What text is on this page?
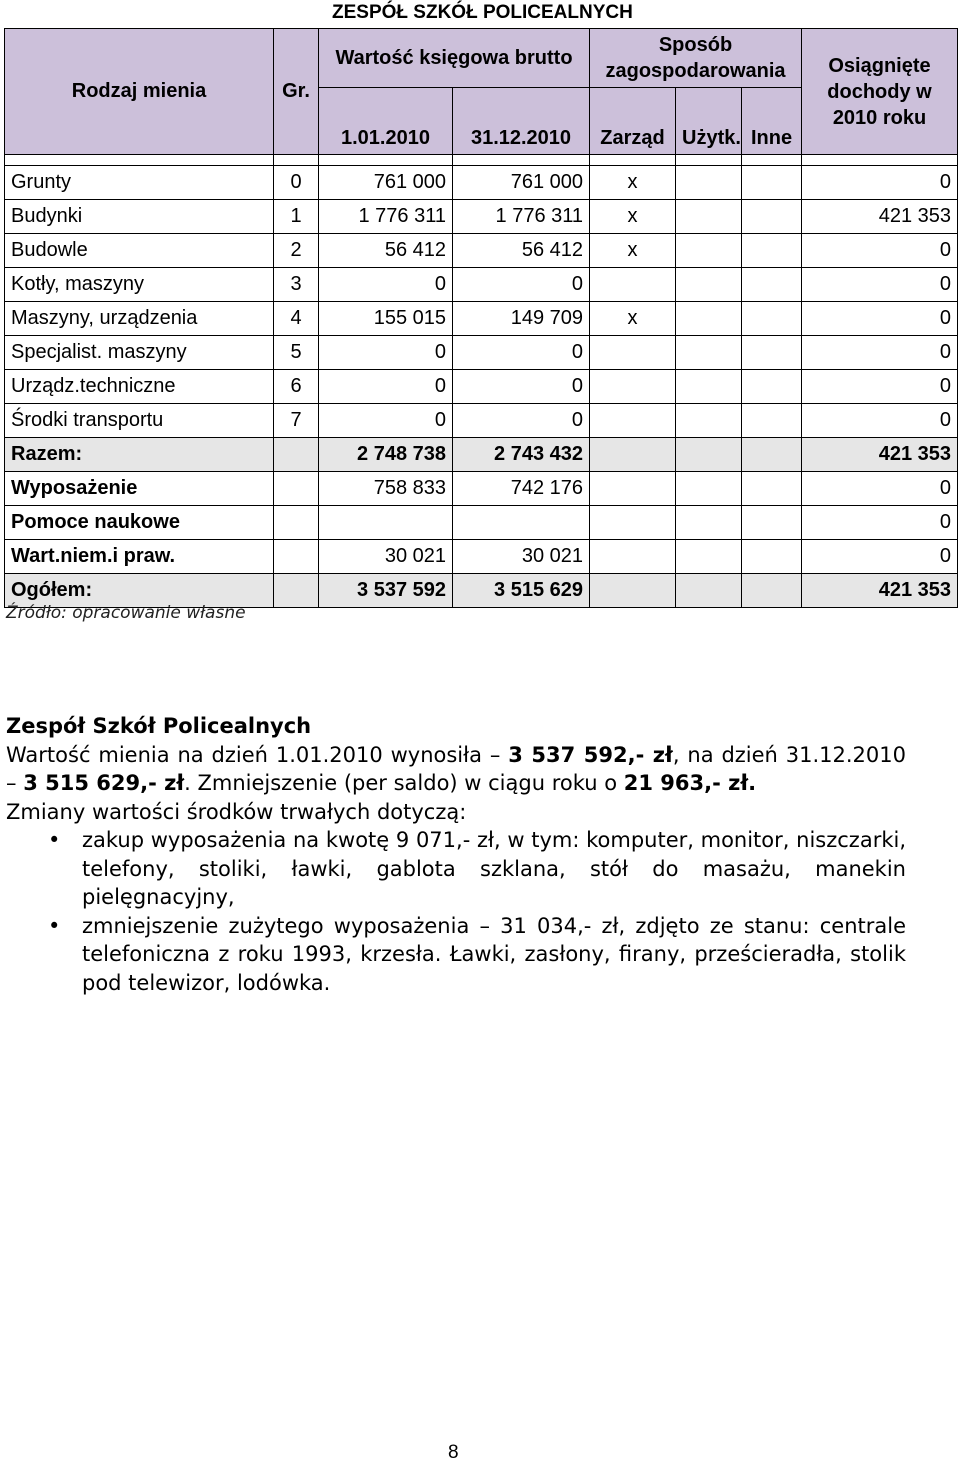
ZESPÓŁ SZKÓŁ POLICEALNYCH
Rodzaj mienia	Gr.	Wartość księgowa brutto		Sposób zagospodarowania			Osiągnięte dochody w 2010 roku
		1.01.2010	31.12.2010	Zarząd	Użytk.	Inne	

Grunty	0	761 000	761 000	x			0
Budynki	1	1 776 311	1 776 311	x			421 353
Budowle	2	56 412	56 412	x			0
Kotły, maszyny	3	0	0				0
Maszyny, urządzenia	4	155 015	149 709	x			0
Specjalist. maszyny	5	0	0				0
Urządz.techniczne	6	0	0				0
Środki transportu	7	0	0				0
Razem:		2 748 738	2 743 432				421 353
Wyposażenie		758 833	742 176				0
Pomoce naukowe							0
Wart.niem.i praw.		30 021	30 021				0
Ogółem:		3 537 592	3 515 629				421 353
Źródło: opracowanie własne
Zespół Szkół Policealnych

Wartość mienia na dzień 1.01.2010 wynosiła – 3 537 592,- zł, na dzień 31.12.2010 – 3 515 629,- zł. Zmniejszenie (per saldo) w ciągu roku o 21 963,- zł.

Zmiany wartości środków trwałych dotyczą:

• zakup wyposażenia na kwotę 9 071,- zł, w tym: komputer, monitor, niszczarki, telefony, stoliki, ławki, gablota szklana, stół do masażu, manekin pielęgnacyjny,
• zmniejszenie zużytego wyposażenia – 31 034,- zł, zdjęto ze stanu: centrale telefoniczna z roku 1993, krzesła. Ławki, zasłony, firany, prześcieradła, stolik pod telewizor, lodówka.
8
